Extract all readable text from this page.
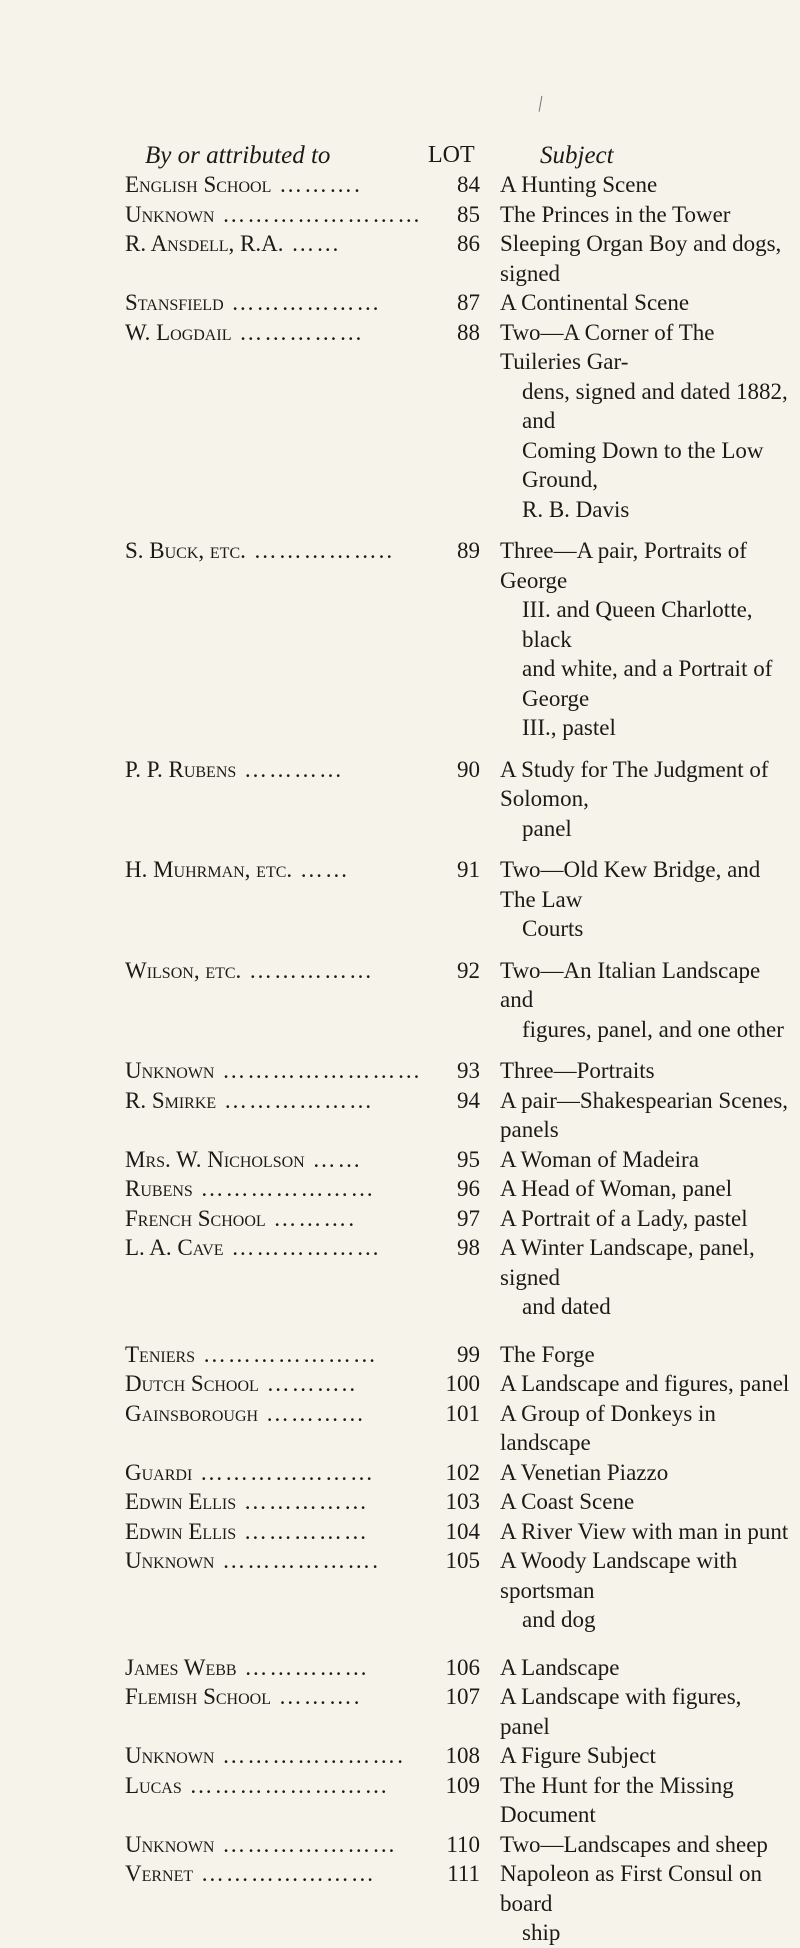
By or attributed to	LOT	Subject
English School ……….	84 A Hunting Scene
Unknown ……………………	85 The Princes in the Tower
R. Ansdell, R.A. ……	86 Sleeping Organ Boy and dogs, signed
Stansfield ………………	87 A Continental Scene
W. Logdail ……………	88 Two—A Corner of The Tuileries Gar-
dens, signed and dated 1882, and
Coming Down to the Low Ground,
R. B. Davis
S. Buck, etc. ……………..	89 Three—A pair, Portraits of George
III. and Queen Charlotte, black
and white, and a Portrait of George
III., pastel
P. P. Rubens …………	90 A Study for The Judgment of Solomon,
panel
H. Muhrman, etc. ……	91 Two—Old Kew Bridge, and The Law
Courts
Wilson, etc. ……………	92 Two—An Italian Landscape and
figures, panel, and one other
Unknown ……………………	93 Three—Portraits
R. Smirke ………………	94 A pair—Shakespearian Scenes, panels
Mrs. W. Nicholson ……	95 A Woman of Madeira
Rubens …………………	96 A Head of Woman, panel
French School ……….	97 A Portrait of a Lady, pastel
L. A. Cave ………………	98 A Winter Landscape, panel, signed
and dated
Teniers …………………	99 The Forge
Dutch School ………..	100 A Landscape and figures, panel
Gainsborough …………	101 A Group of Donkeys in landscape
Guardi …………………	102 A Venetian Piazzo
Edwin Ellis ……………	103 A Coast Scene
Edwin Ellis ……………	104 A River View with man in punt
Unknown ……………….	105 A Woody Landscape with sportsman
and dog
James Webb ……………	106 A Landscape
Flemish School ……….	107 A Landscape with figures, panel
Unknown ………………….	108 A Figure Subject
Lucas ……………………	109 The Hunt for the Missing Document
Unknown …………………	110 Two—Landscapes and sheep
Vernet …………………	111 Napoleon as First Consul on board
ship
